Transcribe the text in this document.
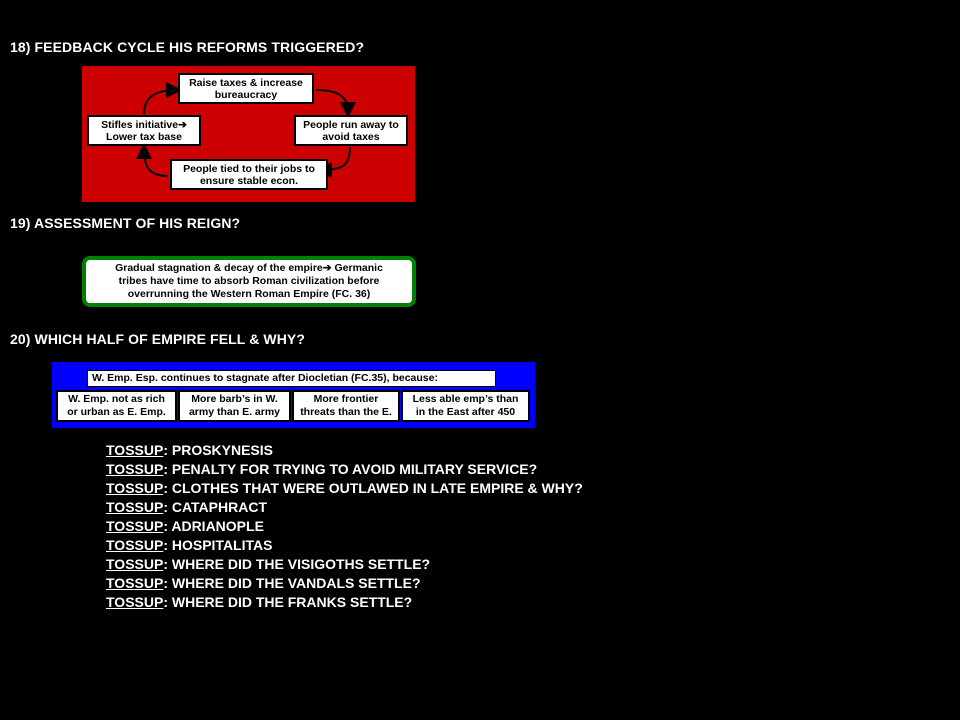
18) FEEDBACK CYCLE HIS REFORMS TRIGGERED?
Raise taxes & increase
bureaucracy
People run away to
avoid taxes
People tied to their jobs to
ensure stable econ.
Stifles initiative➔
Lower tax base
19) ASSESSMENT OF HIS REIGN?
Gradual stagnation & decay of the empire➔ Germanic
tribes have time to absorb Roman civilization before
overrunning the Western Roman Empire (FC. 36)
20) WHICH HALF OF EMPIRE FELL & WHY?
W. Emp. Esp. continues to stagnate after Diocletian (FC.35), because:
W. Emp. not as rich
or urban as E. Emp.
More barb’s in W.
army than E. army
More frontier
threats than the E.
Less able emp’s than
in the East after 450
TOSSUP: PROSKYNESIS
TOSSUP: PENALTY FOR TRYING TO AVOID MILITARY SERVICE?
TOSSUP: CLOTHES THAT WERE OUTLAWED IN LATE EMPIRE & WHY?
TOSSUP: CATAPHRACT
TOSSUP: ADRIANOPLE
TOSSUP: HOSPITALITAS
TOSSUP: WHERE DID THE VISIGOTHS SETTLE?
TOSSUP: WHERE DID THE VANDALS SETTLE?
TOSSUP: WHERE DID THE FRANKS SETTLE?
